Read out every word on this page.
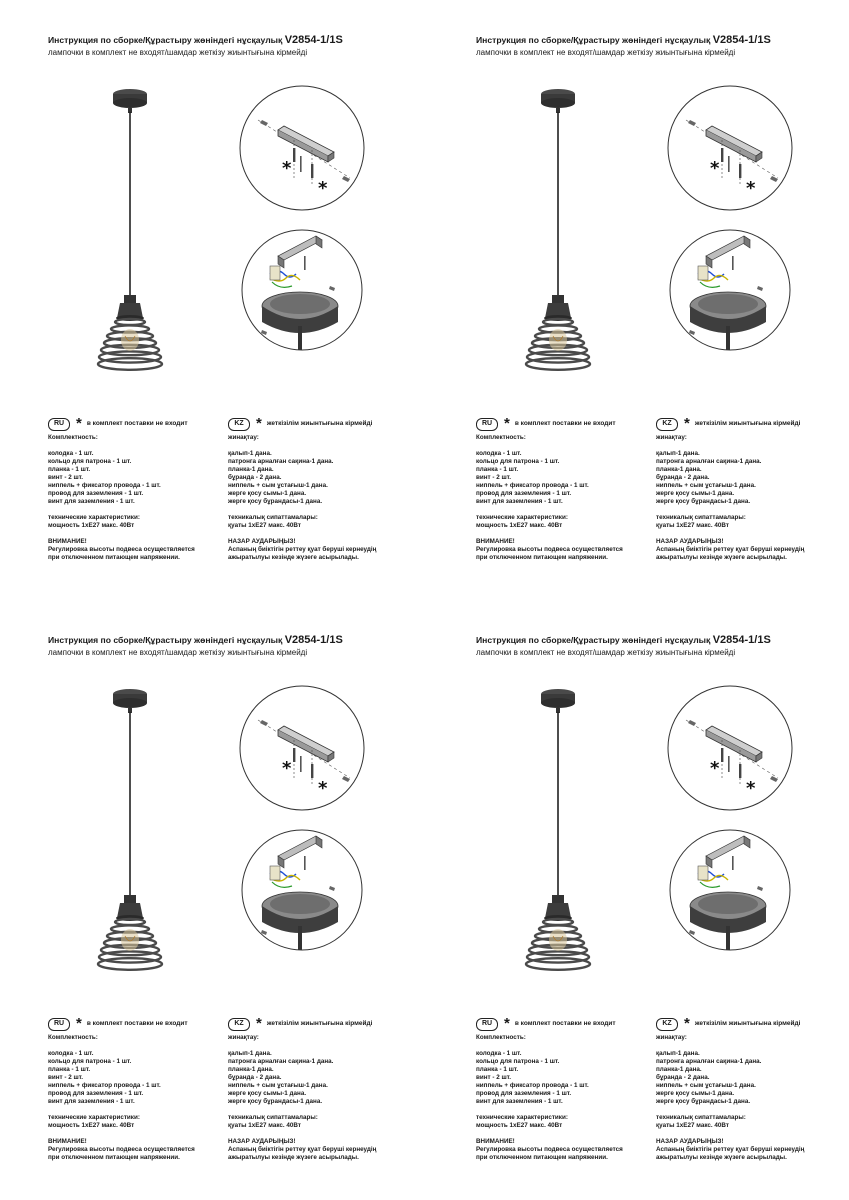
Инструкция по сборке/Құрастыру жөніндегі нұсқаулық V2854-1/1S
лампочки в комплект не входят/шамдар жеткізу жиынтығына кірмейді
RU * в комплект поставки не входит
Комплектность:
колодка - 1 шт.
кольцо для патрона - 1 шт.
планка - 1 шт.
винт - 2 шт.
ниппель + фиксатор провода - 1 шт.
провод для заземления - 1 шт.
винт для заземления - 1 шт.
технические характеристики:
мощность 1xE27 макс. 40Вт
ВНИМАНИЕ!
Регулировка высоты подвеса осуществляется
при отключенном питающем напряжении.
KZ * жеткізілім жиынтығына кірмейді
жинақтау:
қалып-1 дана.
патронга арналған сақина-1 дана.
планка-1 дана.
бұранда - 2 дана.
ниппель + сым ұстағыш-1 дана.
жерге қосу сымы-1 дана.
жерге қосу бұрандасы-1 дана.
техникалық сипаттамалары:
қуаты 1xE27 макс. 40Вт
НАЗАР АУДАРЫҢЫЗ!
Аспаның биіктігін реттеу қуат беруші кернеудің
ажыратылуы кезінде жүзеге асырылады.
Инструкция по сборке/Құрастыру жөніндегі нұсқаулық V2854-1/1S
лампочки в комплект не входят/шамдар жеткізу жиынтығына кірмейді
RU * в комплект поставки не входит
Комплектность:
колодка - 1 шт.
кольцо для патрона - 1 шт.
планка - 1 шт.
винт - 2 шт.
ниппель + фиксатор провода - 1 шт.
провод для заземления - 1 шт.
винт для заземления - 1 шт.
технические характеристики:
мощность 1xE27 макс. 40Вт
ВНИМАНИЕ!
Регулировка высоты подвеса осуществляется
при отключенном питающем напряжении.
KZ * жеткізілім жиынтығына кірмейді
жинақтау:
қалып-1 дана.
патронга арналған сақина-1 дана.
планка-1 дана.
бұранда - 2 дана.
ниппель + сым ұстағыш-1 дана.
жерге қосу сымы-1 дана.
жерге қосу бұрандасы-1 дана.
техникалық сипаттамалары:
қуаты 1xE27 макс. 40Вт
НАЗАР АУДАРЫҢЫЗ!
Аспаның биіктігін реттеу қуат беруші кернеудің
ажыратылуы кезінде жүзеге асырылады.
Инструкция по сборке/Құрастыру жөніндегі нұсқаулық V2854-1/1S
лампочки в комплект не входят/шамдар жеткізу жиынтығына кірмейді
RU * в комплект поставки не входит
Комплектность:
колодка - 1 шт.
кольцо для патрона - 1 шт.
планка - 1 шт.
винт - 2 шт.
ниппель + фиксатор провода - 1 шт.
провод для заземления - 1 шт.
винт для заземления - 1 шт.
технические характеристики:
мощность 1xE27 макс. 40Вт
ВНИМАНИЕ!
Регулировка высоты подвеса осуществляется
при отключенном питающем напряжении.
KZ * жеткізілім жиынтығына кірмейді
жинақтау:
қалып-1 дана.
патронга арналған сақина-1 дана.
планка-1 дана.
бұранда - 2 дана.
ниппель + сым ұстағыш-1 дана.
жерге қосу сымы-1 дана.
жерге қосу бұрандасы-1 дана.
техникалық сипаттамалары:
қуаты 1xE27 макс. 40Вт
НАЗАР АУДАРЫҢЫЗ!
Аспаның биіктігін реттеу қуат беруші кернеудің
ажыратылуы кезінде жүзеге асырылады.
Инструкция по сборке/Құрастыру жөніндегі нұсқаулық V2854-1/1S
лампочки в комплект не входят/шамдар жеткізу жиынтығына кірмейді
RU * в комплект поставки не входит
Комплектность:
колодка - 1 шт.
кольцо для патрона - 1 шт.
планка - 1 шт.
винт - 2 шт.
ниппель + фиксатор провода - 1 шт.
провод для заземления - 1 шт.
винт для заземления - 1 шт.
технические характеристики:
мощность 1xE27 макс. 40Вт
ВНИМАНИЕ!
Регулировка высоты подвеса осуществляется
при отключенном питающем напряжении.
KZ * жеткізілім жиынтығына кірмейді
жинақтау:
қалып-1 дана.
патронга арналған сақина-1 дана.
планка-1 дана.
бұранда - 2 дана.
ниппель + сым ұстағыш-1 дана.
жерге қосу сымы-1 дана.
жерге қосу бұрандасы-1 дана.
техникалық сипаттамалары:
қуаты 1xE27 макс. 40Вт
НАЗАР АУДАРЫҢЫЗ!
Аспаның биіктігін реттеу қуат беруші кернеудің
ажыратылуы кезінде жүзеге асырылады.
